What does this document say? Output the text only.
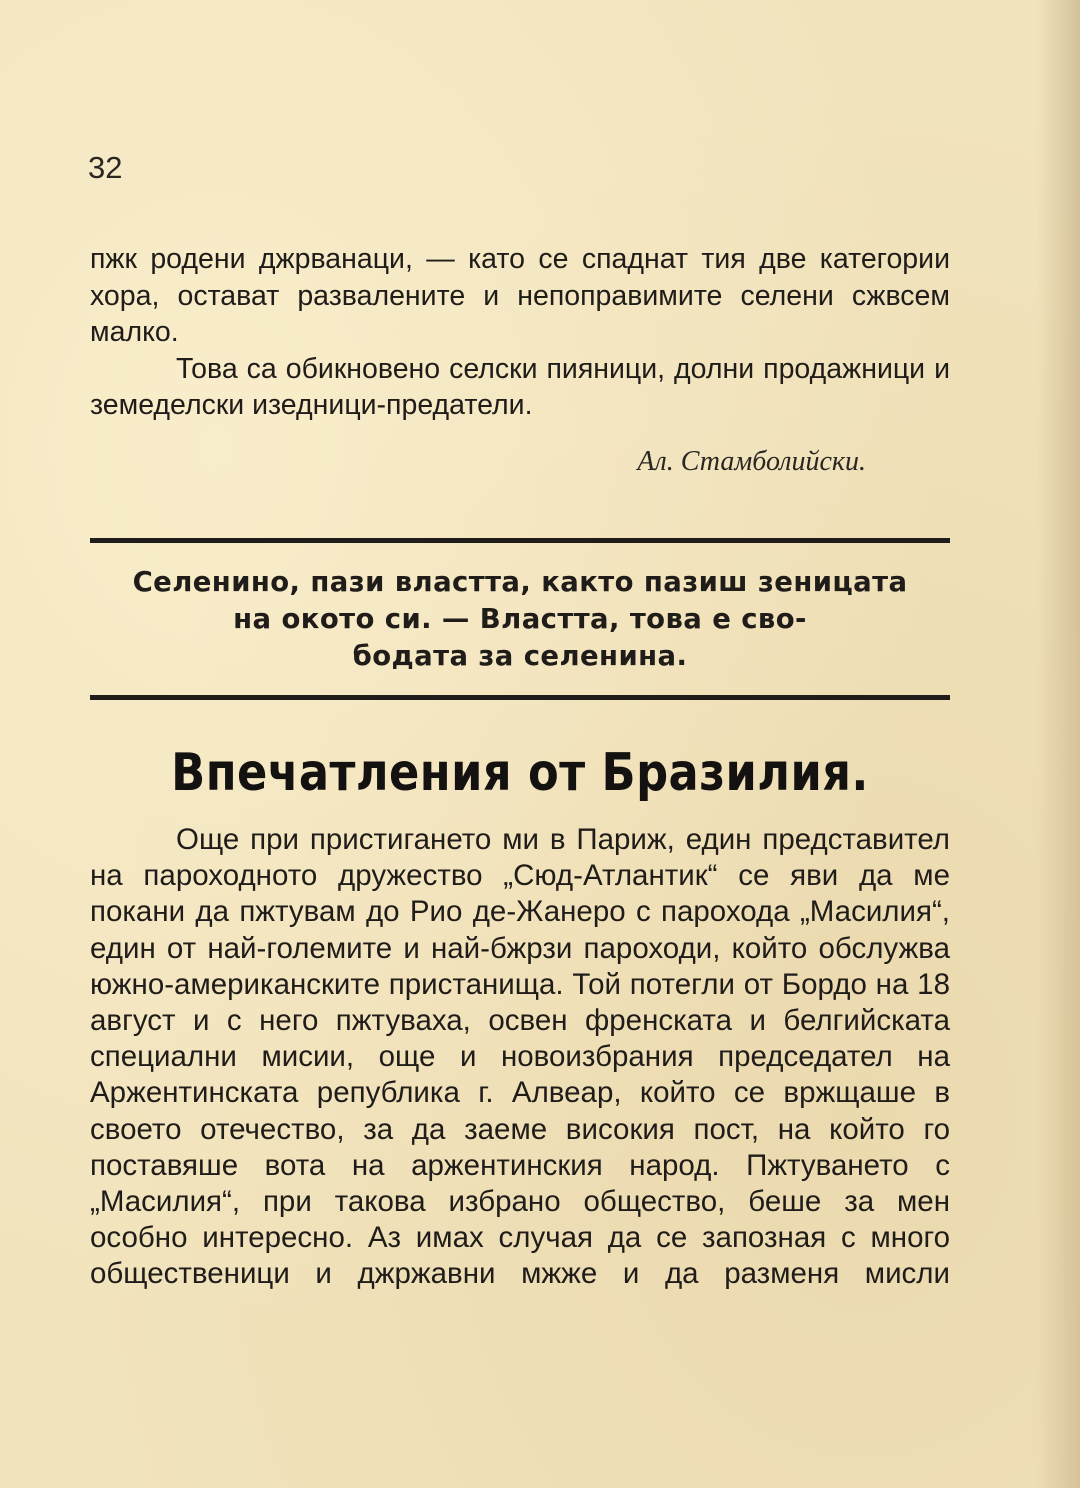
32

пжк родени джрванаци, — като се спаднат тия две категории хора, остават развалените и непоправимите селени сжвсем малко.

Това са обикновено селски пияници, долни продажници и земеделски изедници-предатели.

Ал. Стамболийски.
Селенино, пази властта, както пазиш зеницата
на окото си. — Властта, това е сво-
бодата за селенина.
Впечатления от Бразилия.

Още при пристигането ми в Париж, един представител на пароходното дружество „Сюд-Атлантик“ се яви да ме покани да пжтувам до Рио де-Жанеро с парохода „Масилия“, един от най-големите и най-бжрзи пароходи, който обслужва южно-американските пристанища. Той потегли от Бордо на 18 август и с него пжтуваха, освен френската и белгийската специални мисии, още и новоизбрания председател на Аржентинската република г. Алвеар, който се вржщаше в своето отечество, за да заеме високия пост, на който го поставяше вота на аржентинския народ. Пжтуването с „Масилия“, при такова избрано общество, беше за мен особно интересно. Аз имах случая да се запозная с много общественици и джржавни мжже и да разменя мисли
